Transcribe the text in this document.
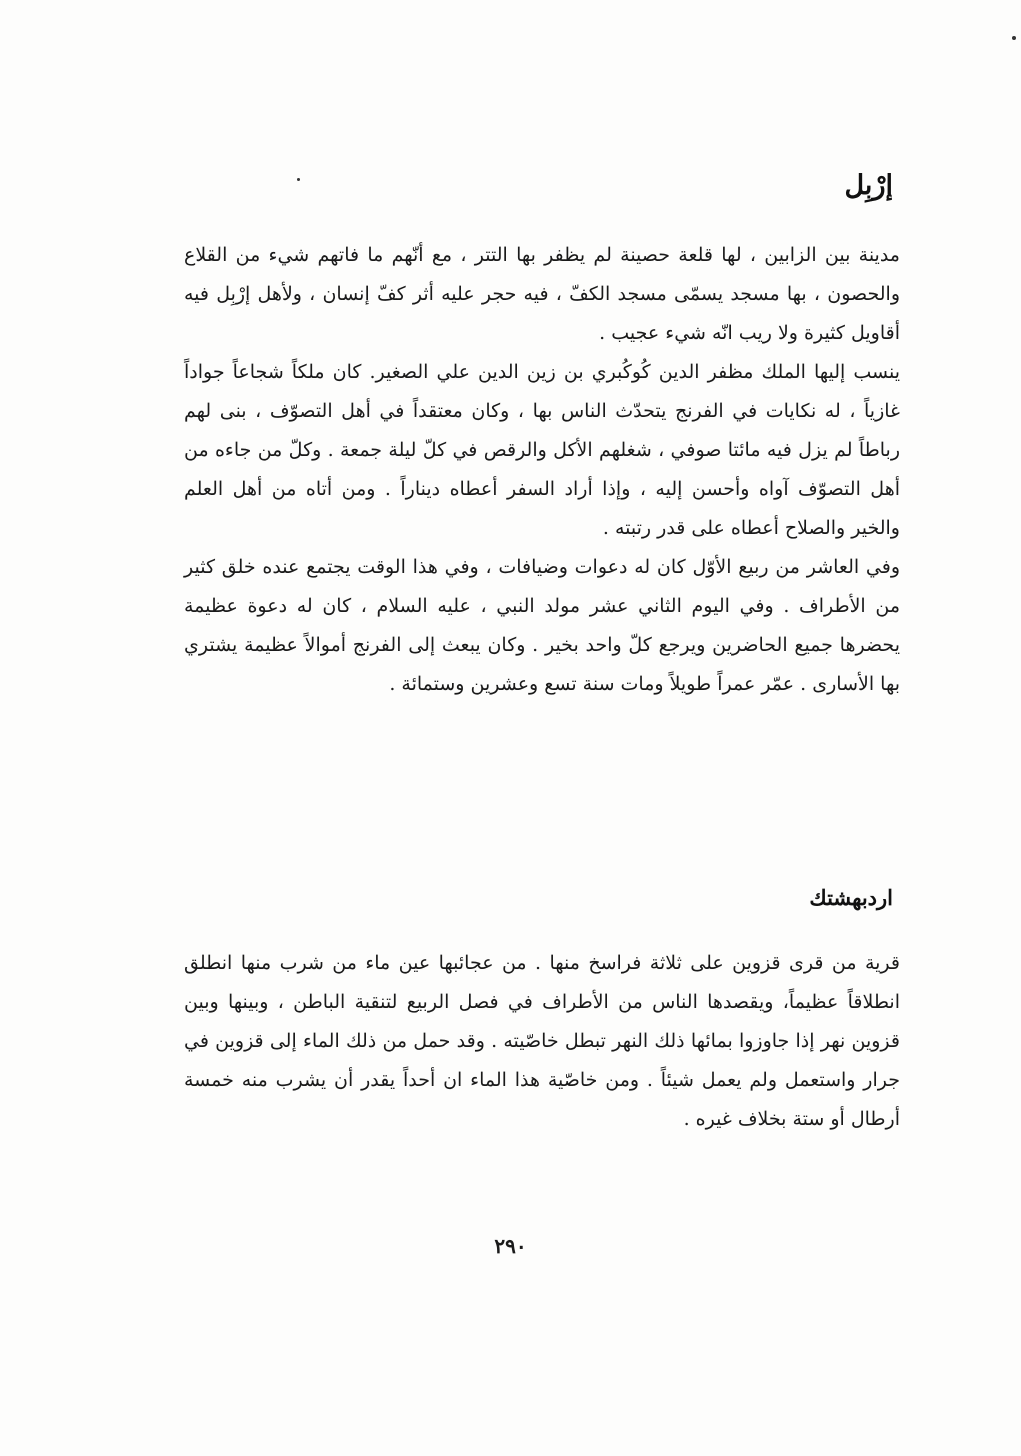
إرْبِل

مدينة بين الزابين ، لها قلعة حصينة لم يظفر بها التتر ، مع أنّهم ما فاتهم شيء من القلاع والحصون ، بها مسجد يسمّى مسجد الكفّ ، فيه حجر عليه أثر كفّ إنسان ، ولأهل إرْبِل فيه أقاويل كثيرة ولا ريب انّه شيء عجيب .

ينسب إليها الملك مظفر الدين كُوكُبري بن زين الدين علي الصغير. كان ملكاً شجاعاً جواداً غازياً ، له نكايات في الفرنج يتحدّث الناس بها ، وكان معتقداً في أهل التصوّف ، بنى لهم رباطاً لم يزل فيه مائتا صوفي ، شغلهم الأكل والرقص في كلّ ليلة جمعة . وكلّ من جاءه من أهل التصوّف آواه وأحسن إليه ، وإذا أراد السفر أعطاه ديناراً . ومن أتاه من أهل العلم والخير والصلاح أعطاه على قدر رتبته .

وفي العاشر من ربيع الأوّل كان له دعوات وضيافات ، وفي هذا الوقت يجتمع عنده خلق كثير من الأطراف . وفي اليوم الثاني عشر مولد النبي ، عليه السلام ، كان له دعوة عظيمة يحضرها جميع الحاضرين ويرجع كلّ واحد بخير . وكان يبعث إلى الفرنج أموالاً عظيمة يشتري بها الأسارى . عمّر عمراً طويلاً ومات سنة تسع وعشرين وستمائة .

اردبهشتك

قرية من قرى قزوين على ثلاثة فراسخ منها . من عجائبها عين ماء من شرب منها انطلق انطلاقاً عظيماً، ويقصدها الناس من الأطراف في فصل الربيع لتنقية الباطن ، وبينها وبين قزوين نهر إذا جاوزوا بمائها ذلك النهر تبطل خاصّيته . وقد حمل من ذلك الماء إلى قزوين في جرار واستعمل ولم يعمل شيئاً . ومن خاصّية هذا الماء ان أحداً يقدر أن يشرب منه خمسة أرطال أو ستة بخلاف غيره .

٢٩٠
